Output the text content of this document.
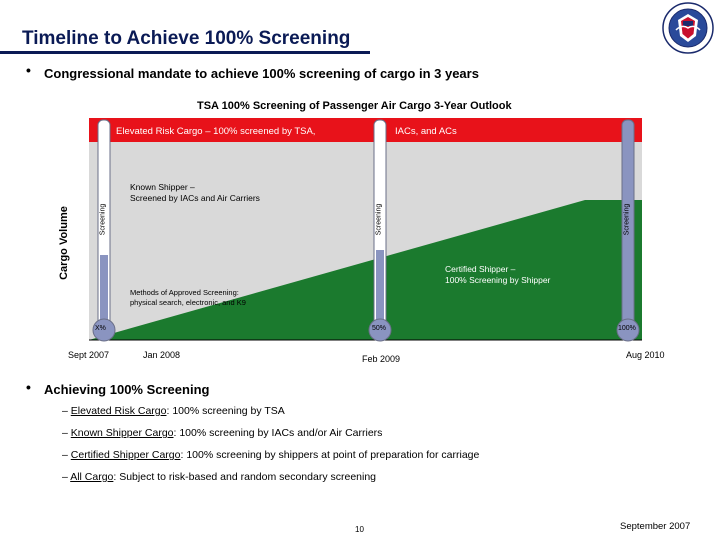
Timeline to Achieve 100% Screening
• Congressional mandate to achieve 100% screening of cargo in 3 years
TSA 100% Screening of Passenger Air Cargo 3-Year Outlook
Cargo Volume
Elevated Risk Cargo – 100% screened by TSA,	IACs, and ACs
Known Shipper –
Screened by IACs and Air Carriers
Methods of Approved Screening:
physical search, electronic, and K9
Certified Shipper –
100% Screening by Shipper
Screening	Screening	Screening
X%	50%	100%
Sept 2007	Jan 2008	Feb 2009	Aug 2010
• Achieving 100% Screening
– Elevated Risk Cargo: 100% screening by TSA
– Known Shipper Cargo: 100% screening by IACs and/or Air Carriers
– Certified Shipper Cargo: 100% screening by shippers at point of preparation for carriage
– All Cargo: Subject to risk-based and random secondary screening
10	September 2007
